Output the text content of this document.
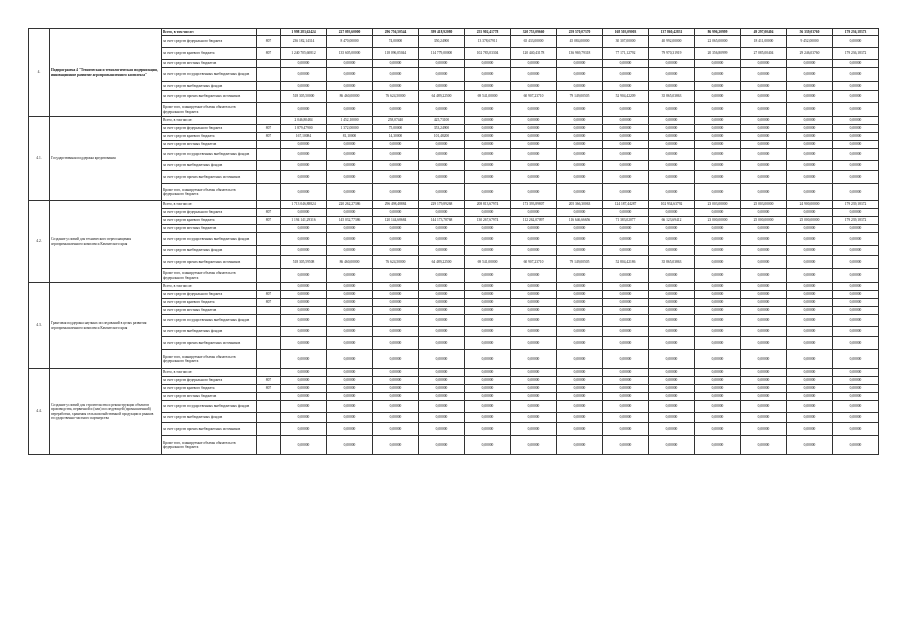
4.	Подпрограмма 4 "Техническая и технологическая модернизация, инновационное развитие агропромышленного комплекса"	Всего, в том числе:		1 998 283,62424	227 093,60000	296 756,50544	399 418,92080	255 902,41778	320 753,09660	259 570,07370	168 503,09003	137 860,42831	86 996,20999	49 297,00404	56 339,03760	179 236,18373
		за счет средств федерального бюджета	807	236 182,14314	8 470,00000	74,00000	350,24900	13 378,67911	65 433,00000	45 084,00000	30 307,00000	40 992,00000	22 065,00000	18 411,00000	9 452,00000	0,00000
		за счет средств краевого бюджета	807	1 240 705,60812	135 605,00000	118 096,05044	114 779,00000	102 783,03304	120 440,43178	136 969,79318	77 171,12792	79 970,31919	20 356,80999	27 085,00404	29 246,03760	179 236,18372
		за счет средств местных бюджетов		0,00000	0,00000	0,00000	0,00000	0,00000	0,00000	0,00000	0,00000	0,00000	0,00000	0,00000	0,00000	0,00000
		за счет средств государственных внебюджетных фондов		0,00000	0,00000	0,00000	0,00000	0,00000	0,00000	0,00000	0,00000	0,00000	0,00000	0,00000	0,00000	0,00000
		за счет средств внебюджетных фондов		0,00000	0,00000	0,00000	0,00000	0,00000	0,00000	0,00000	0,00000	0,00000	0,00000	0,00000	0,00000	0,00000
		за счет средств прочих внебюджетных источников		518 305,50000	86 460,00000	76 624,50000	64 489,22500	69 541,00000	60 907,23710	79 149,00505	52 904,42209	35 865,03863	0,00000	0,00000	0,00000	0,00000
		Кроме того, планируемые объемы обязательств федерального бюджета		0,00000	0,00000	0,00000	0,00000	0,00000	0,00000	0,00000	0,00000	0,00000	0,00000	0,00000	0,00000	0,00000
4.1.	Государственная поддержка кредитования	Всего, в том числе:		2 046,80484	1 452,10000	258,07440	425,73100	0,00000	0,00000	0,00000	0,00000	0,00000	0,00000	0,00000	0,00000	0,00000
		за счет средств федерального бюджета	807	1 879,47900	1 372,00000	75,00000	353,24900	0,00000	0,00000	0,00000	0,00000	0,00000	0,00000	0,00000	0,00000	0,00000
		за счет средств краевого бюджета	807	167,10084	81,10000	14,30000	101,48200	0,00000	0,00000	0,00000	0,00000	0,00000	0,00000	0,00000	0,00000	0,00000
		за счет средств местных бюджетов		0,00000	0,00000	0,00000	0,00000	0,00000	0,00000	0,00000	0,00000	0,00000	0,00000	0,00000	0,00000	0,00000
		за счет средств государственных внебюджетных фондов		0,00000	0,00000	0,00000	0,00000	0,00000	0,00000	0,00000	0,00000	0,00000	0,00000	0,00000	0,00000	0,00000
		за счет средств внебюджетных фондов		0,00000	0,00000	0,00000	0,00000	0,00000	0,00000	0,00000	0,00000	0,00000	0,00000	0,00000	0,00000	0,00000
		за счет средств прочих внебюджетных источников		0,00000	0,00000	0,00000	0,00000	0,00000	0,00000	0,00000	0,00000	0,00000	0,00000	0,00000	0,00000	0,00000
		Кроме того, планируемые объемы обязательств федерального бюджета		0,00000	0,00000	0,00000	0,00000	0,00000	0,00000	0,00000	0,00000	0,00000	0,00000	0,00000	0,00000	0,00000
4.2.	Создание условий для технического переоснащения агропромышленного комплекса Камчатского края	Всего, в том числе:		1 713 046,88824	220 262,27386	296 498,48884	229 179,89268	208 813,67974	173 393,89807	205 366,30063	124 187,44287	102 934,63792	23 003,00000	25 003,00000	24 900,00000	179 239,18372
		за счет средств федерального бюджета	807	0,00000	0,00000	0,00000	0,00000	0,00000	0,00000	0,00000	0,00000	0,00000	0,00000	0,00000	0,00000	0,00000
		за счет средств краевого бюджета	807	1 194 141,29316	145 032,77386	120 144,68684	144 173,78768	130 267,67974	112 262,07097	116 646,66656	71 383,02077	66 123,69412	23 000,00000	25 000,00000	25 000,00000	179 239,18372
		за счет средств местных бюджетов		0,00000	0,00000	0,00000	0,00000	0,00000	0,00000	0,00000	0,00000	0,00000	0,00000	0,00000	0,00000	0,00000
		за счет средств государственных внебюджетных фондов		0,00000	0,00000	0,00000	0,00000	0,00000	0,00000	0,00000	0,00000	0,00000	0,00000	0,00000	0,00000	0,00000
		за счет средств внебюджетных фондов		0,00000	0,00000	0,00000	0,00000	0,00000	0,00000	0,00000	0,00000	0,00000	0,00000	0,00000	0,00000	0,00000
		за счет средств прочих внебюджетных источников		518 305,59508	86 460,00000	76 624,50000	64 489,22500	69 541,00000	60 907,23710	79 149,00505	52 804,42186	35 865,03863	0,00000	0,00000	0,00000	0,00000
		Кроме того, планируемые объемы обязательств федерального бюджета		0,00000	0,00000	0,00000	0,00000	0,00000	0,00000	0,00000	0,00000	0,00000	0,00000	0,00000	0,00000	0,00000
4.3.	Грантовая поддержка научных исследований в целях развития агропромышленного комплекса Камчатского края	Всего, в том числе:		0,00000	0,00000	0,00000	0,00000	0,00000	0,00000	0,00000	0,00000	0,00000	0,00000	0,00000	0,00000	0,00000
		за счет средств федерального бюджета	807	0,00000	0,00000	0,00000	0,00000	0,00000	0,00000	0,00000	0,00000	0,00000	0,00000	0,00000	0,00000	0,00000
		за счет средств краевого бюджета	807	0,00000	0,00000	0,00000	0,00000	0,00000	0,00000	0,00000	0,00000	0,00000	0,00000	0,00000	0,00000	0,00000
		за счет средств местных бюджетов		0,00000	0,00000	0,00000	0,00000	0,00000	0,00000	0,00000	0,00000	0,00000	0,00000	0,00000	0,00000	0,00000
		за счет средств государственных внебюджетных фондов		0,00000	0,00000	0,00000	0,00000	0,00000	0,00000	0,00000	0,00000	0,00000	0,00000	0,00000	0,00000	0,00000
		за счет средств внебюджетных фондов		0,00000	0,00000	0,00000	0,00000	0,00000	0,00000	0,00000	0,00000	0,00000	0,00000	0,00000	0,00000	0,00000
		за счет средств прочих внебюджетных источников		0,00000	0,00000	0,00000	0,00000	0,00000	0,00000	0,00000	0,00000	0,00000	0,00000	0,00000	0,00000	0,00000
		Кроме того, планируемые объемы обязательств федерального бюджета		0,00000	0,00000	0,00000	0,00000	0,00000	0,00000	0,00000	0,00000	0,00000	0,00000	0,00000	0,00000	0,00000
4.4.	Создание условий для строительства и реконструкции объектов производства, первичной и (или) последующей (промышленной) переработки, хранения сельскохозяйственной продукции и рынков государственно-частного партнерства	Всего, в том числе:		0,00000	0,00000	0,00000	0,00000	0,00000	0,00000	0,00000	0,00000	0,00000	0,00000	0,00000	0,00000	0,00000
		за счет средств федерального бюджета	807	0,00000	0,00000	0,00000	0,00000	0,00000	0,00000	0,00000	0,00000	0,00000	0,00000	0,00000	0,00000	0,00000
		за счет средств краевого бюджета	807	0,00000	0,00000	0,00000	0,00000	0,00000	0,00000	0,00000	0,00000	0,00000	0,00000	0,00000	0,00000	0,00000
		за счет средств местных бюджетов		0,00000	0,00000	0,00000	0,00000	0,00000	0,00000	0,00000	0,00000	0,00000	0,00000	0,00000	0,00000	0,00000
		за счет средств государственных внебюджетных фондов		0,00000	0,00000	0,00000	0,00000	0,00000	0,00000	0,00000	0,00000	0,00000	0,00000	0,00000	0,00000	0,00000
		за счет средств внебюджетных фондов		0,00000	0,00000	0,00000	0,00000	0,00000	0,00000	0,00000	0,00000	0,00000	0,00000	0,00000	0,00000	0,00000
		за счет средств прочих внебюджетных источников		0,00000	0,00000	0,00000	0,00000	0,00000	0,00000	0,00000	0,00000	0,00000	0,00000	0,00000	0,00000	0,00000
		Кроме того, планируемые объемы обязательств федерального бюджета		0,00000	0,00000	0,00000	0,00000	0,00000	0,00000	0,00000	0,00000	0,00000	0,00000	0,00000	0,00000	0,00000
